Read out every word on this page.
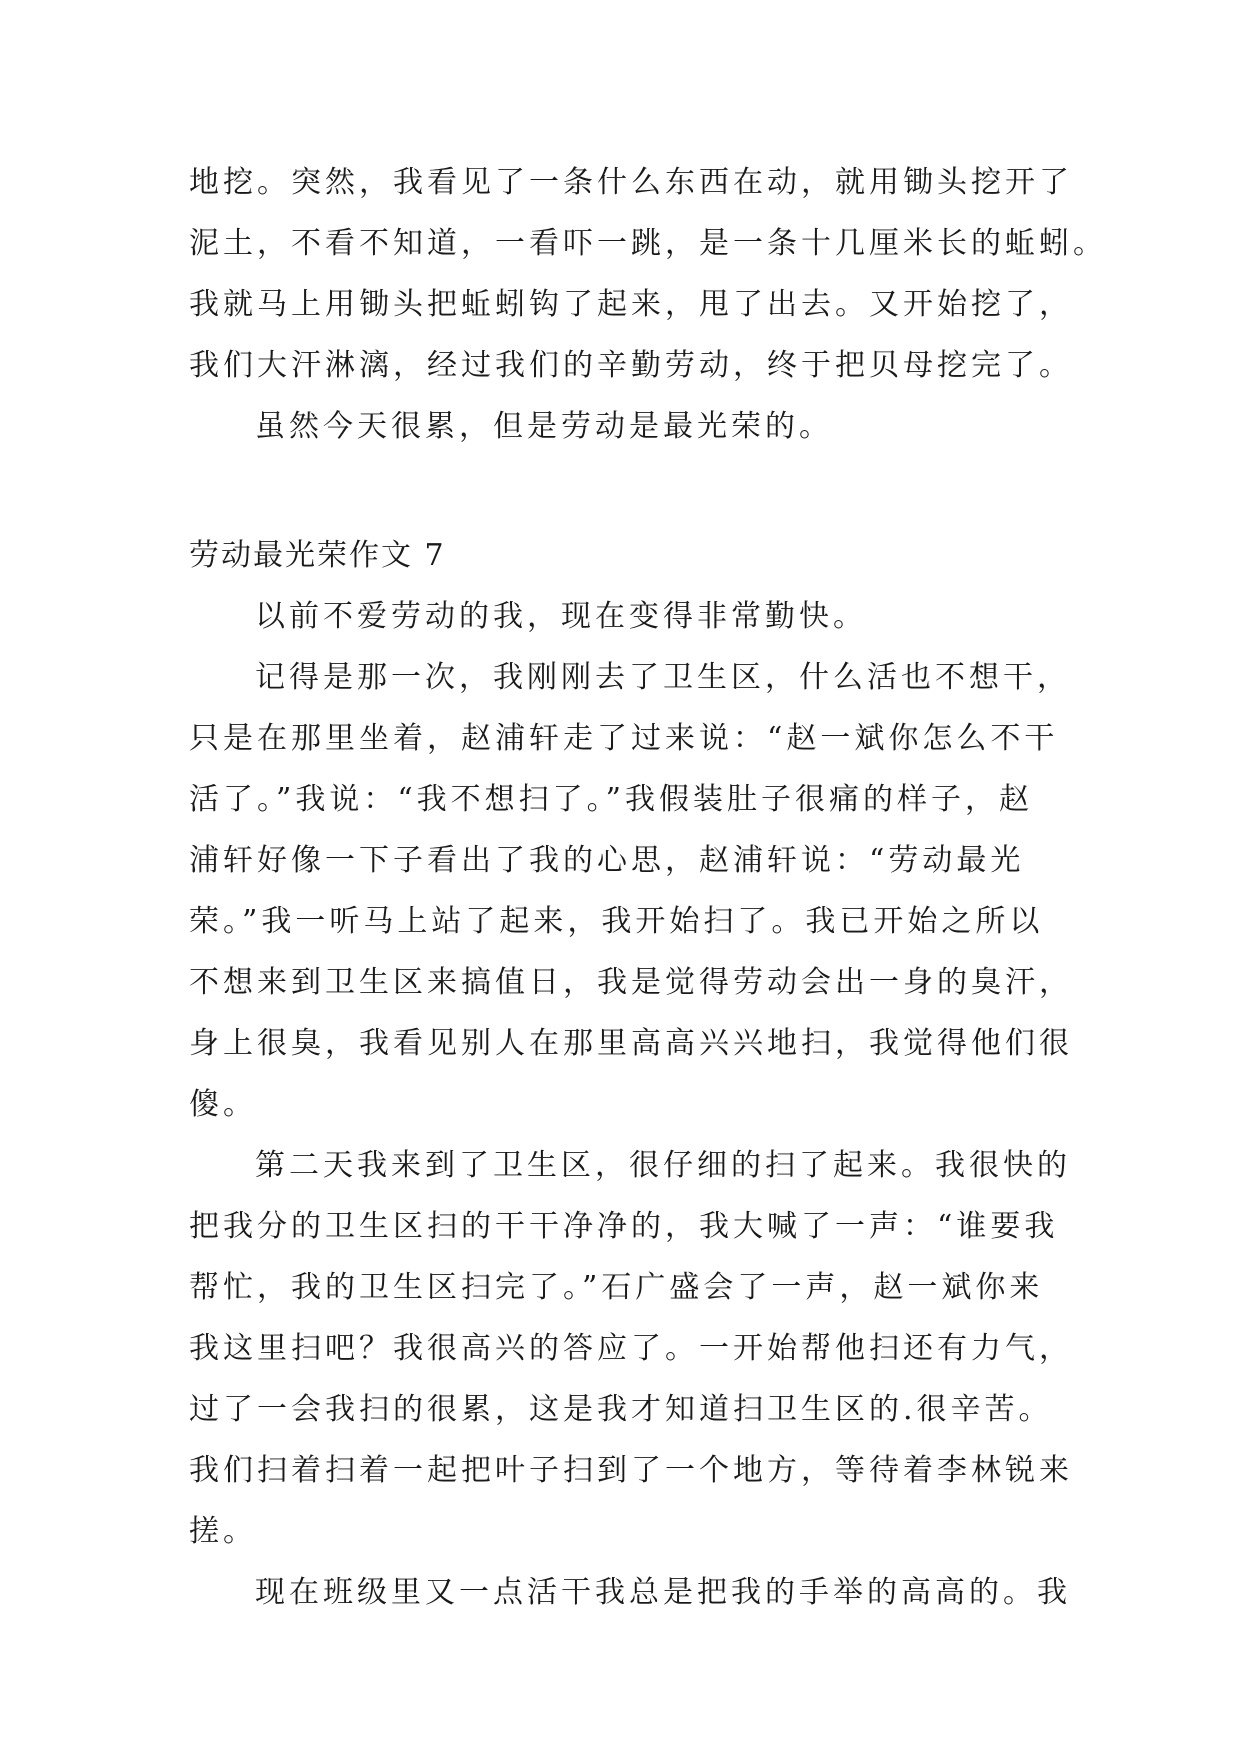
地挖。突然，我看见了一条什么东西在动，就用锄头挖开了
泥土，不看不知道，一看吓一跳，是一条十几厘米长的蚯蚓。
我就马上用锄头把蚯蚓钩了起来，甩了出去。又开始挖了，
我们大汗淋漓，经过我们的辛勤劳动，终于把贝母挖完了。
虽然今天很累，但是劳动是最光荣的。
劳动最光荣作文 7
以前不爱劳动的我，现在变得非常勤快。
记得是那一次，我刚刚去了卫生区，什么活也不想干，
只是在那里坐着，赵浦轩走了过来说：“赵一斌你怎么不干
活了。”我说：“我不想扫了。”我假装肚子很痛的样子，赵
浦轩好像一下子看出了我的心思，赵浦轩说：“劳动最光
荣。”我一听马上站了起来，我开始扫了。我已开始之所以
不想来到卫生区来搞值日，我是觉得劳动会出一身的臭汗，
身上很臭，我看见别人在那里高高兴兴地扫，我觉得他们很
傻。
第二天我来到了卫生区，很仔细的扫了起来。我很快的
把我分的卫生区扫的干干净净的，我大喊了一声：“谁要我
帮忙，我的卫生区扫完了。”石广盛会了一声，赵一斌你来
我这里扫吧？我很高兴的答应了。一开始帮他扫还有力气，
过了一会我扫的很累，这是我才知道扫卫生区的.很辛苦。
我们扫着扫着一起把叶子扫到了一个地方，等待着李林锐来
搓。
现在班级里又一点活干我总是把我的手举的高高的。我
